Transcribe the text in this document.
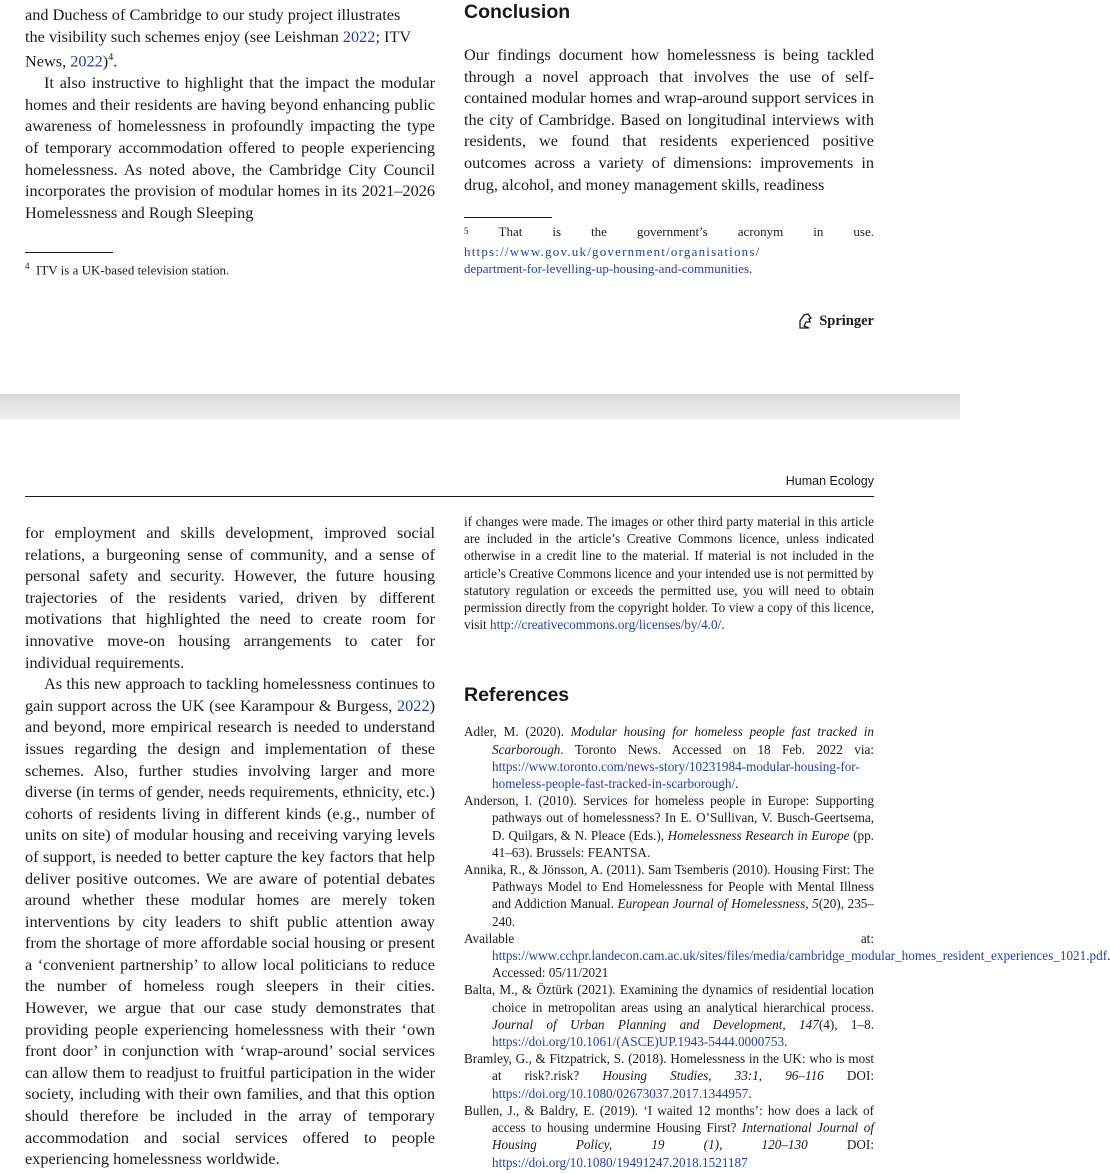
and Duchess of Cambridge to our study project illustrates
the visibility such schemes enjoy (see Leishman 2022; ITV
News, 2022)$^4$.

It also instructive to highlight that the impact the modular homes and their residents are having beyond enhancing public awareness of homelessness in profoundly impacting the type of temporary accommodation offered to people experiencing homelessness. As noted above, the Cambridge City Council incorporates the provision of modular homes in its 2021–2026 Homelessness and Rough Sleeping

$^4$ ITV is a UK-based television station.
Conclusion

Our findings document how homelessness is being tackled through a novel approach that involves the use of self-contained modular homes and wrap-around support services in the city of Cambridge. Based on longitudinal interviews with residents, we found that residents experienced positive outcomes across a variety of dimensions: improvements in drug, alcohol, and money management skills, readiness

$^5$ That is the government’s acronym in use.
https://www.gov.uk/government/organisations/
department-for-levelling-up-housing-and-communities.
Springer
Human Ecology

for employment and skills development, improved social relations, a burgeoning sense of community, and a sense of personal safety and security. However, the future housing trajectories of the residents varied, driven by different motivations that highlighted the need to create room for innovative move-on housing arrangements to cater for individual requirements.

As this new approach to tackling homelessness continues to gain support across the UK (see Karampour & Burgess, 2022) and beyond, more empirical research is needed to understand issues regarding the design and implementation of these schemes. Also, further studies involving larger and more diverse (in terms of gender, needs requirements, ethnicity, etc.) cohorts of residents living in different kinds (e.g., number of units on site) of modular housing and receiving varying levels of support, is needed to better capture the key factors that help deliver positive outcomes. We are aware of potential debates around whether these modular homes are merely token interventions by city leaders to shift public attention away from the shortage of more affordable social housing or present a ‘convenient partnership’ to allow local politicians to reduce the number of homeless rough sleepers in their cities. However, we argue that our case study demonstrates that providing people experiencing homelessness with their ‘own front door’ in conjunction with ‘wrap-around’ social services can allow them to readjust to fruitful participation in the wider society, including with their own families, and that this option should therefore be included in the array of temporary accommodation and social services offered to people experiencing homelessness worldwide.

if changes were made. The images or other third party material in this article are included in the article’s Creative Commons licence, unless indicated otherwise in a credit line to the material. If material is not included in the article’s Creative Commons licence and your intended use is not permitted by statutory regulation or exceeds the permitted use, you will need to obtain permission directly from the copyright holder. To view a copy of this licence, visit http://creativecommons.org/licenses/by/4.0/.

References

Adler, M. (2020). Modular housing for homeless people fast tracked in Scarborough. Toronto News. Accessed on 18 Feb. 2022 via: https://www.toronto.com/news-story/10231984-modular-housing-for-homeless-people-fast-tracked-in-scarborough/.

Anderson, I. (2010). Services for homeless people in Europe: Supporting pathways out of homelessness? In E. O’Sullivan, V. Busch-Geertsema, D. Quilgars, & N. Pleace (Eds.), Homelessness Research in Europe (pp. 41–63). Brussels: FEANTSA.

Annika, R., & Jönsson, A. (2011). Sam Tsemberis (2010). Housing First: The Pathways Model to End Homelessness for People with Mental Illness and Addiction Manual. European Journal of Homelessness, 5(20), 235–240.

Available at: https://www.cchpr.landecon.cam.ac.uk/sites/files/media/cambridge_modular_homes_resident_experiences_1021.pdf Accessed: 05/11/2021

Balta, M., & Öztürk (2021). Examining the dynamics of residential location choice in metropolitan areas using an analytical hierarchical process. Journal of Urban Planning and Development, 147(4), 1–8. https://doi.org/10.1061/(ASCE)UP.1943-5444.0000753.

Bramley, G., & Fitzpatrick, S. (2018). Homelessness in the UK: who is most at risk?.risk? Housing Studies, 33:1, 96–116 DOI: https://doi.org/10.1080/02673037.2017.1344957.

Bullen, J., & Baldry, E. (2019). ‘I waited 12 months’: how does a lack of access to housing undermine Housing First? International Journal of Housing Policy, 19 (1), 120–130 DOI: https://doi.org/10.1080/19491247.2018.1521187
